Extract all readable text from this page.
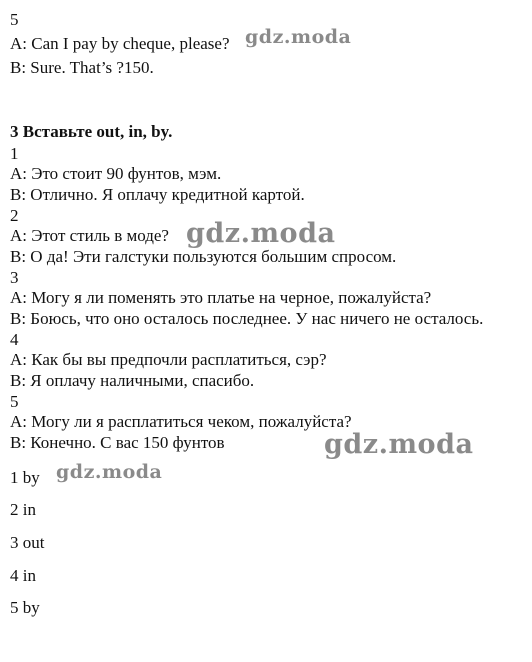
5
A: Can I pay by cheque, please?
B: Sure. That’s ?150.
3 Вставьте out, in, by.
1
A: Это стоит 90 фунтов, мэм.
B: Отлично. Я оплачу кредитной картой.
2
A: Этот стиль в моде?
B: О да! Эти галстуки пользуются большим спросом.
3
A: Могу я ли поменять это платье на черное, пожалуйста?
B: Боюсь, что оно осталось последнее. У нас ничего не осталось.
4
A: Как бы вы предпочли расплатиться, сэр?
B: Я оплачу наличными, спасибо.
5
A: Могу ли я расплатиться чеком, пожалуйста?
B: Конечно. С вас 150 фунтов
1 by
2 in
3 out
4 in
5 by
gdz.moda
gdz.moda
gdz.moda
gdz.moda
